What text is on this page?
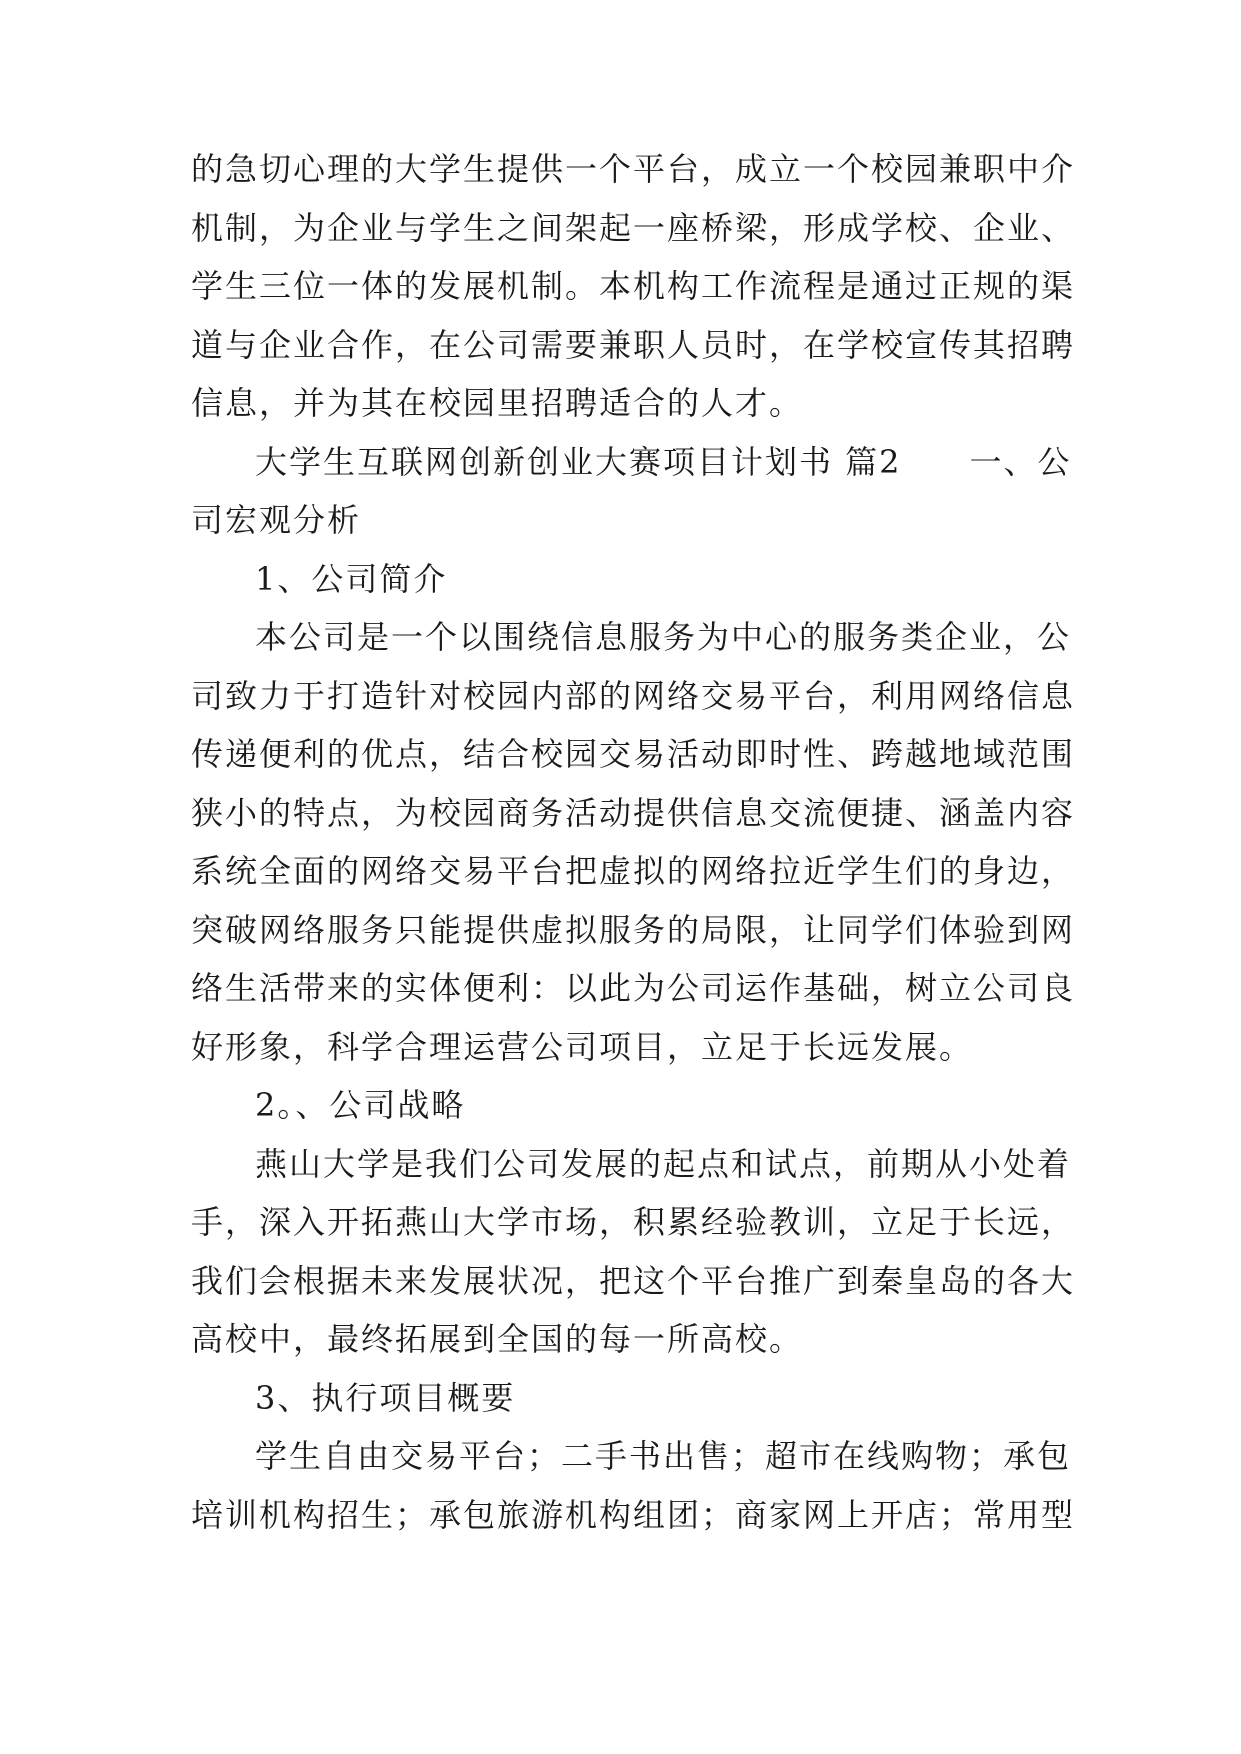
的急切心理的大学生提供一个平台，成立一个校园兼职中介
机制，为企业与学生之间架起一座桥梁，形成学校、企业、
学生三位一体的发展机制。本机构工作流程是通过正规的渠
道与企业合作，在公司需要兼职人员时，在学校宣传其招聘
信息，并为其在校园里招聘适合的人才。
大学生互联网创新创业大赛项目计划书 篇2　　一、公
司宏观分析
1、公司简介
本公司是一个以围绕信息服务为中心的服务类企业，公
司致力于打造针对校园内部的网络交易平台，利用网络信息
传递便利的优点，结合校园交易活动即时性、跨越地域范围
狭小的特点，为校园商务活动提供信息交流便捷、涵盖内容
系统全面的网络交易平台把虚拟的网络拉近学生们的身边，
突破网络服务只能提供虚拟服务的局限，让同学们体验到网
络生活带来的实体便利：以此为公司运作基础，树立公司良
好形象，科学合理运营公司项目，立足于长远发展。
2。、公司战略
燕山大学是我们公司发展的起点和试点，前期从小处着
手，深入开拓燕山大学市场，积累经验教训，立足于长远，
我们会根据未来发展状况，把这个平台推广到秦皇岛的各大
高校中，最终拓展到全国的每一所高校。
3、执行项目概要
学生自由交易平台；二手书出售；超市在线购物；承包
培训机构招生；承包旅游机构组团；商家网上开店；常用型
